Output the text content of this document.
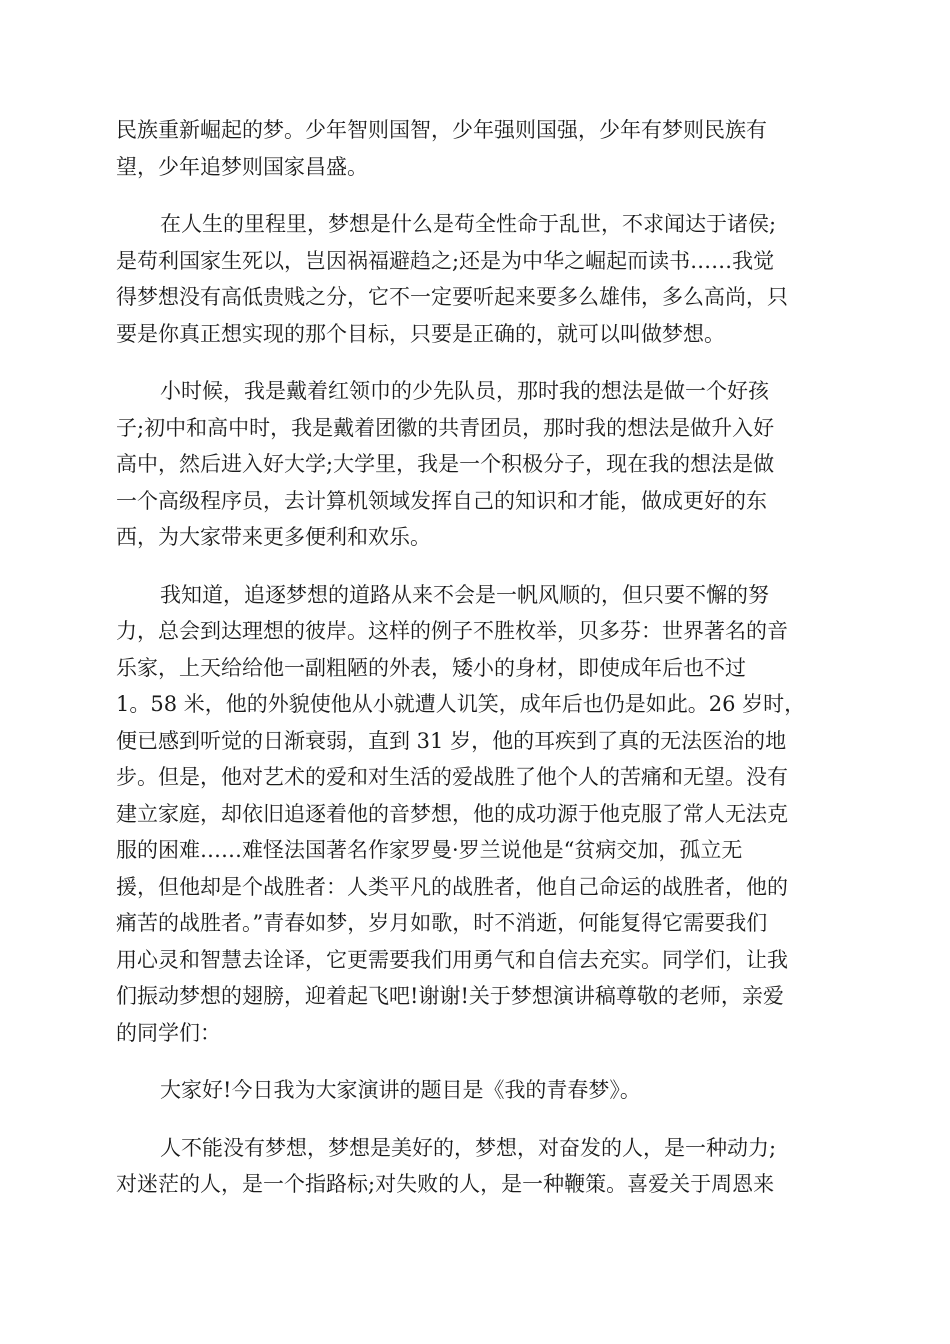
民族重新崛起的梦。少年智则国智，少年强则国强，少年有梦则民族有
望，少年追梦则国家昌盛。
在人生的里程里，梦想是什么是苟全性命于乱世，不求闻达于诸侯;
是苟利国家生死以，岂因祸福避趋之;还是为中华之崛起而读书……我觉
得梦想没有高低贵贱之分，它不一定要听起来要多么雄伟，多么高尚，只
要是你真正想实现的那个目标，只要是正确的，就可以叫做梦想。
小时候，我是戴着红领巾的少先队员，那时我的想法是做一个好孩
子;初中和高中时，我是戴着团徽的共青团员，那时我的想法是做升入好
高中，然后进入好大学;大学里，我是一个积极分子，现在我的想法是做
一个高级程序员，去计算机领域发挥自己的知识和才能，做成更好的东
西，为大家带来更多便利和欢乐。
我知道，追逐梦想的道路从来不会是一帆风顺的，但只要不懈的努
力，总会到达理想的彼岸。这样的例子不胜枚举，贝多芬：世界著名的音
乐家，上天给给他一副粗陋的外表，矮小的身材，即使成年后也不过
1。58 米，他的外貌使他从小就遭人讥笑，成年后也仍是如此。26 岁时，
便已感到听觉的日渐衰弱，直到 31 岁，他的耳疾到了真的无法医治的地
步。但是，他对艺术的爱和对生活的爱战胜了他个人的苦痛和无望。没有
建立家庭，却依旧追逐着他的音梦想，他的成功源于他克服了常人无法克
服的困难……难怪法国著名作家罗曼·罗兰说他是“贫病交加，孤立无
援，但他却是个战胜者：人类平凡的战胜者，他自己命运的战胜者，他的
痛苦的战胜者。”青春如梦，岁月如歌，时不消逝，何能复得它需要我们
用心灵和智慧去诠译，它更需要我们用勇气和自信去充实。同学们，让我
们振动梦想的翅膀，迎着起飞吧!谢谢!关于梦想演讲稿尊敬的老师，亲爱
的同学们：
大家好!今日我为大家演讲的题目是《我的青春梦》。
人不能没有梦想，梦想是美好的，梦想，对奋发的人，是一种动力;
对迷茫的人，是一个指路标;对失败的人，是一种鞭策。喜爱关于周恩来
